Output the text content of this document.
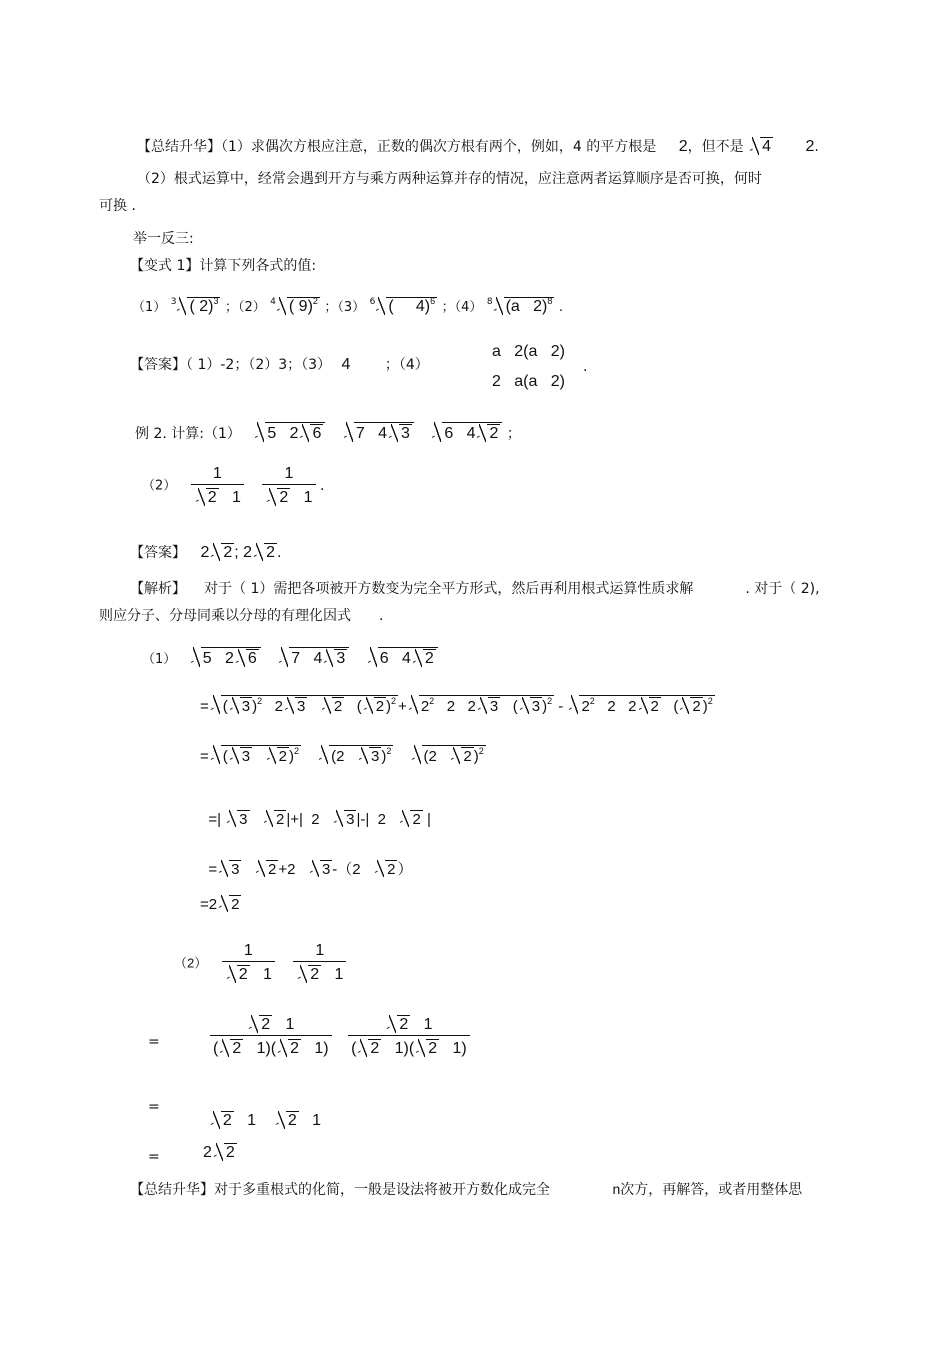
【总结升华】（1）求偶次方根应注意，正数的偶次方根有两个，例如，4 的平方根是 2，但不是 4 2.
（2）根式运算中，经常会遇到开方与乘方两种运算并存的情况，应注意两者运算顺序是否可换，何时
可换 .
举一反三:
【变式 1】计算下列各式的值:
（1） $^3$ ( 2)$^3$ ；（2） $^4$ ( 9)$^2$ ；（3） $^6$ (     4)$^6$ ；（4） $^8$ (a   2)$^8$ .
【答案】（ 1）-2；（2）3；（3） 4 ；（4）
a   2(a   2)
2   a(a   2)
.
例 2. 计算:（1） 5   2 6 7   4 3 6   4 2 ；
$(2) \frac{1}{2 1}$
$\frac{1}{2 1}$ .
【答案】 2 2 ; 2 2 .
【解析】 对于（ 1）需把各项被开方数变为完全平方形式，然后再利用根式运算性质求解	. 对于（ 2),
则应分子、分母同乘以分母的有理化因式 .
（1） 5   2 6 7   4 3 6   4 2
= ( 3 )$^2$ 2 3 2 ( 2 )$^2 + 2^2$ 2   2 3 ( 3 )$^2 - 2^2$ 2   2 2 ( 2 )$^2$
= ( 3 2 )$^2$ (2 3 )$^2$ (2 2 )$^2$

=| 3 2 |+|  2 3 |-|  2 2 |

= 3 2 +2 3 -（2 2 ）

=2 2
$(2) \frac{1}{2 1}$
$\frac{1}{2 1}$
=	$\frac{2 1}{( 2 1)( 2 1)}$
$\frac{2 1}{( 2 1)( 2 1)}$
=

2 1 2 1

=	2 2
【总结升华】对于多重根式的化简，一般是设法将被开方数化成完全	n次方，再解答，或者用整体思
